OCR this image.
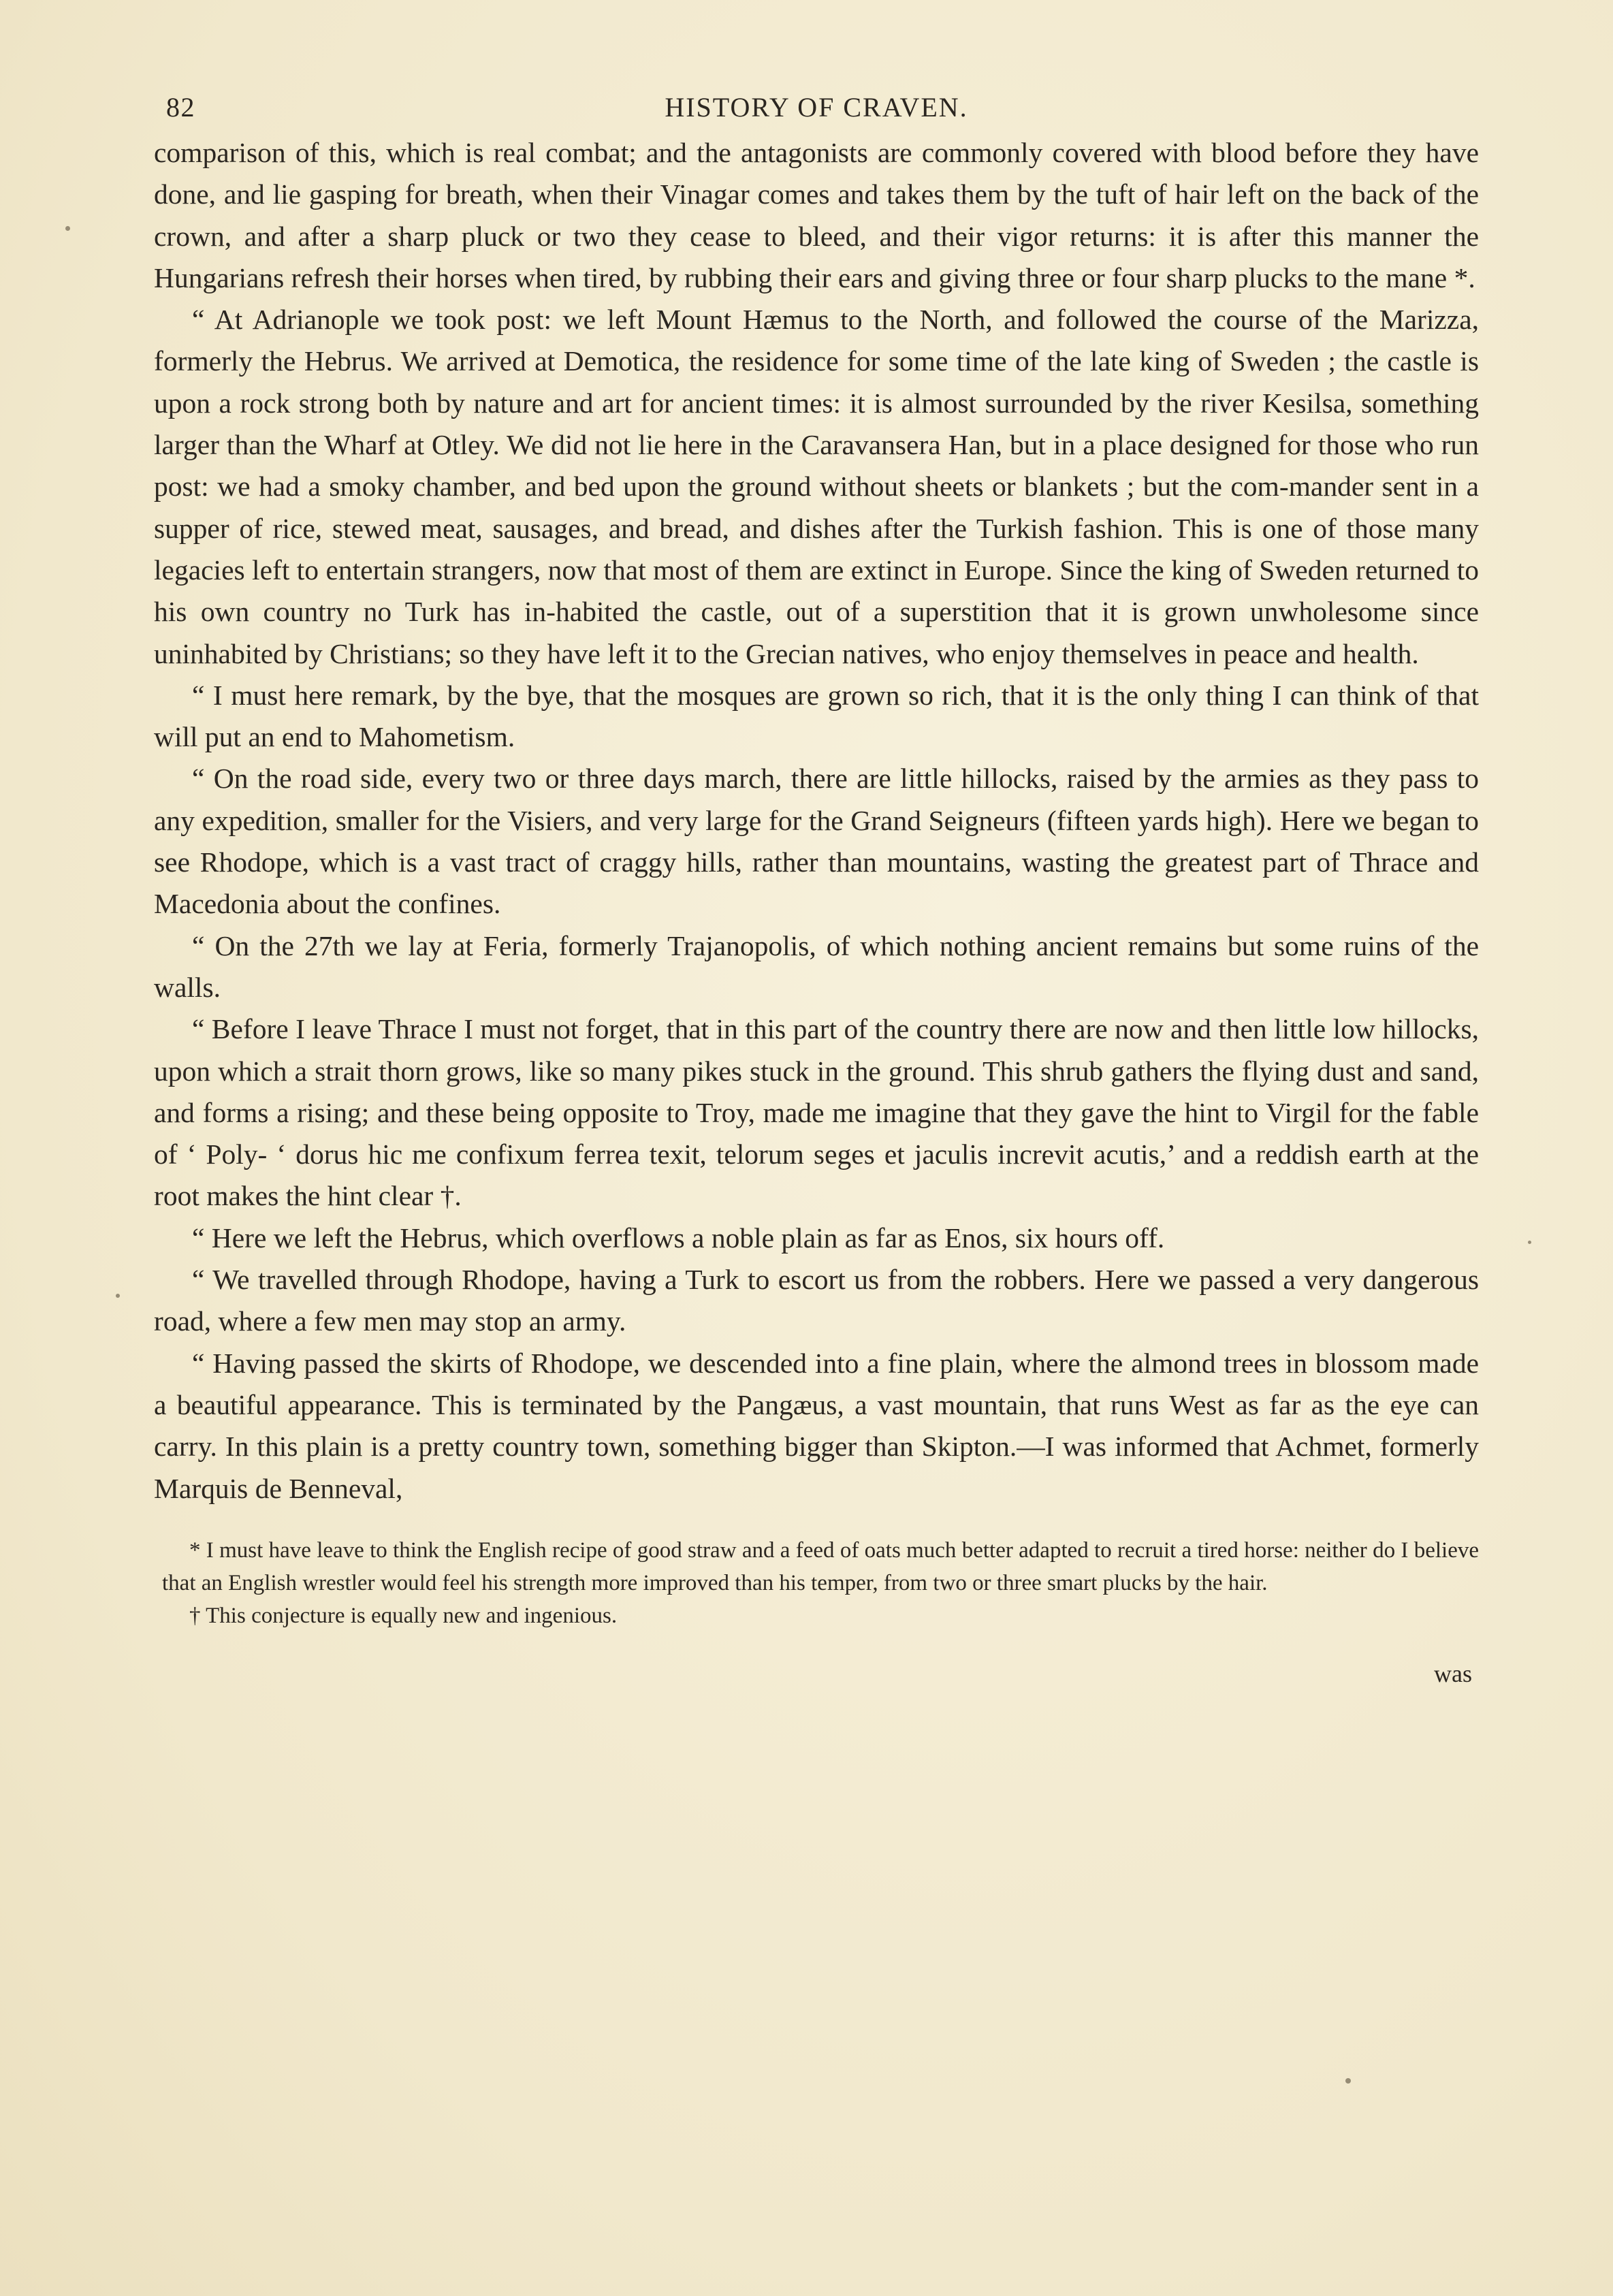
82	HISTORY OF CRAVEN.

comparison of this, which is real combat; and the antagonists are commonly covered with blood before they have done, and lie gasping for breath, when their Vinagar comes and takes them by the tuft of hair left on the back of the crown, and after a sharp pluck or two they cease to bleed, and their vigor returns: it is after this manner the Hungarians refresh their horses when tired, by rubbing their ears and giving three or four sharp plucks to the mane *.

“ At Adrianople we took post: we left Mount Hæmus to the North, and followed the course of the Marizza, formerly the Hebrus. We arrived at Demotica, the residence for some time of the late king of Sweden ; the castle is upon a rock strong both by nature and art for ancient times: it is almost surrounded by the river Kesilsa, something larger than the Wharf at Otley. We did not lie here in the Caravansera Han, but in a place designed for those who run post: we had a smoky chamber, and bed upon the ground without sheets or blankets ; but the com-mander sent in a supper of rice, stewed meat, sausages, and bread, and dishes after the Turkish fashion. This is one of those many legacies left to entertain strangers, now that most of them are extinct in Europe. Since the king of Sweden returned to his own country no Turk has in-habited the castle, out of a superstition that it is grown unwholesome since uninhabited by Christians; so they have left it to the Grecian natives, who enjoy themselves in peace and health.

“ I must here remark, by the bye, that the mosques are grown so rich, that it is the only thing I can think of that will put an end to Mahometism.

“ On the road side, every two or three days march, there are little hillocks, raised by the armies as they pass to any expedition, smaller for the Visiers, and very large for the Grand Seigneurs (fifteen yards high). Here we began to see Rhodope, which is a vast tract of craggy hills, rather than mountains, wasting the greatest part of Thrace and Macedonia about the confines.

“ On the 27th we lay at Feria, formerly Trajanopolis, of which nothing ancient remains but some ruins of the walls.

“ Before I leave Thrace I must not forget, that in this part of the country there are now and then little low hillocks, upon which a strait thorn grows, like so many pikes stuck in the ground. This shrub gathers the flying dust and sand, and forms a rising; and these being opposite to Troy, made me imagine that they gave the hint to Virgil for the fable of ‘ Poly- ‘ dorus hic me confixum ferrea texit, telorum seges et jaculis increvit acutis,’ and a reddish earth at the root makes the hint clear †.

“ Here we left the Hebrus, which overflows a noble plain as far as Enos, six hours off.

“ We travelled through Rhodope, having a Turk to escort us from the robbers. Here we passed a very dangerous road, where a few men may stop an army.

“ Having passed the skirts of Rhodope, we descended into a fine plain, where the almond trees in blossom made a beautiful appearance. This is terminated by the Pangæus, a vast mountain, that runs West as far as the eye can carry. In this plain is a pretty country town, something bigger than Skipton.—I was informed that Achmet, formerly Marquis de Benneval,

* I must have leave to think the English recipe of good straw and a feed of oats much better adapted to recruit a tired horse: neither do I believe that an English wrestler would feel his strength more improved than his temper, from two or three smart plucks by the hair.

† This conjecture is equally new and ingenious.

was
